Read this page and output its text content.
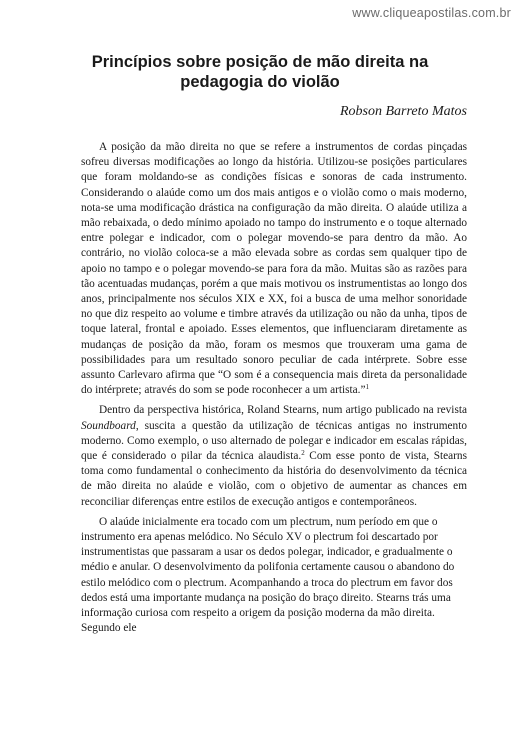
www.cliqueapostilas.com.br
Princípios sobre posição de mão direita na
pedagogia do violão
Robson Barreto Matos

A posição da mão direita no que se refere a instrumentos de cordas pinçadas sofreu diversas modificações ao longo da história. Utilizou-se posições particulares que foram moldando-se as condições físicas e sonoras de cada instrumento. Considerando o alaúde como um dos mais antigos e o violão como o mais moderno, nota-se uma modificação drástica na configuração da mão direita. O alaúde utiliza a mão rebaixada, o dedo mínimo apoiado no tampo do instrumento e o toque alternado entre polegar e indicador, com o polegar movendo-se para dentro da mão. Ao contrário, no violão coloca-se a mão elevada sobre as cordas sem qualquer tipo de apoio no tampo e o polegar movendo-se para fora da mão. Muitas são as razões para tão acentuadas mudanças, porém a que mais motivou os instrumentistas ao longo dos anos, principalmente nos séculos XIX e XX, foi a busca de uma melhor sonoridade no que diz respeito ao volume e timbre através da utilização ou não da unha, tipos de toque lateral, frontal e apoiado. Esses elementos, que influenciaram diretamente as mudanças de posição da mão, foram os mesmos que trouxeram uma gama de possibilidades para um resultado sonoro peculiar de cada intérprete. Sobre esse assunto Carlevaro afirma que “O som é a consequencia mais direta da personalidade do intérprete; através do som se pode roconhecer a um artista.”$^1$

Dentro da perspectiva histórica, Roland Stearns, num artigo publicado na revista Soundboard, suscita a questão da utilização de técnicas antigas no instrumento moderno. Como exemplo, o uso alternado de polegar e indicador em escalas rápidas, que é considerado o pilar da técnica alaudista.$^2$ Com esse ponto de vista, Stearns toma como fundamental o conhecimento da história do desenvolvimento da técnica de mão direita no alaúde e violão, com o objetivo de aumentar as chances em reconciliar diferenças entre estilos de execução antigos e contemporâneos.

O alaúde inicialmente era tocado com um plectrum, num período em que o instrumento era apenas melódico. No Século XV o plectrum foi descartado por instrumentistas que passaram a usar os dedos polegar, indicador, e gradualmente o médio e anular. O desenvolvimento da polifonia certamente causou o abandono do estilo melódico com o plectrum. Acompanhando a troca do plectrum em favor dos dedos está uma importante mudança na posição do braço direito. Stearns trás uma informação curiosa com respeito a origem da posição moderna da mão direita. Segundo ele
